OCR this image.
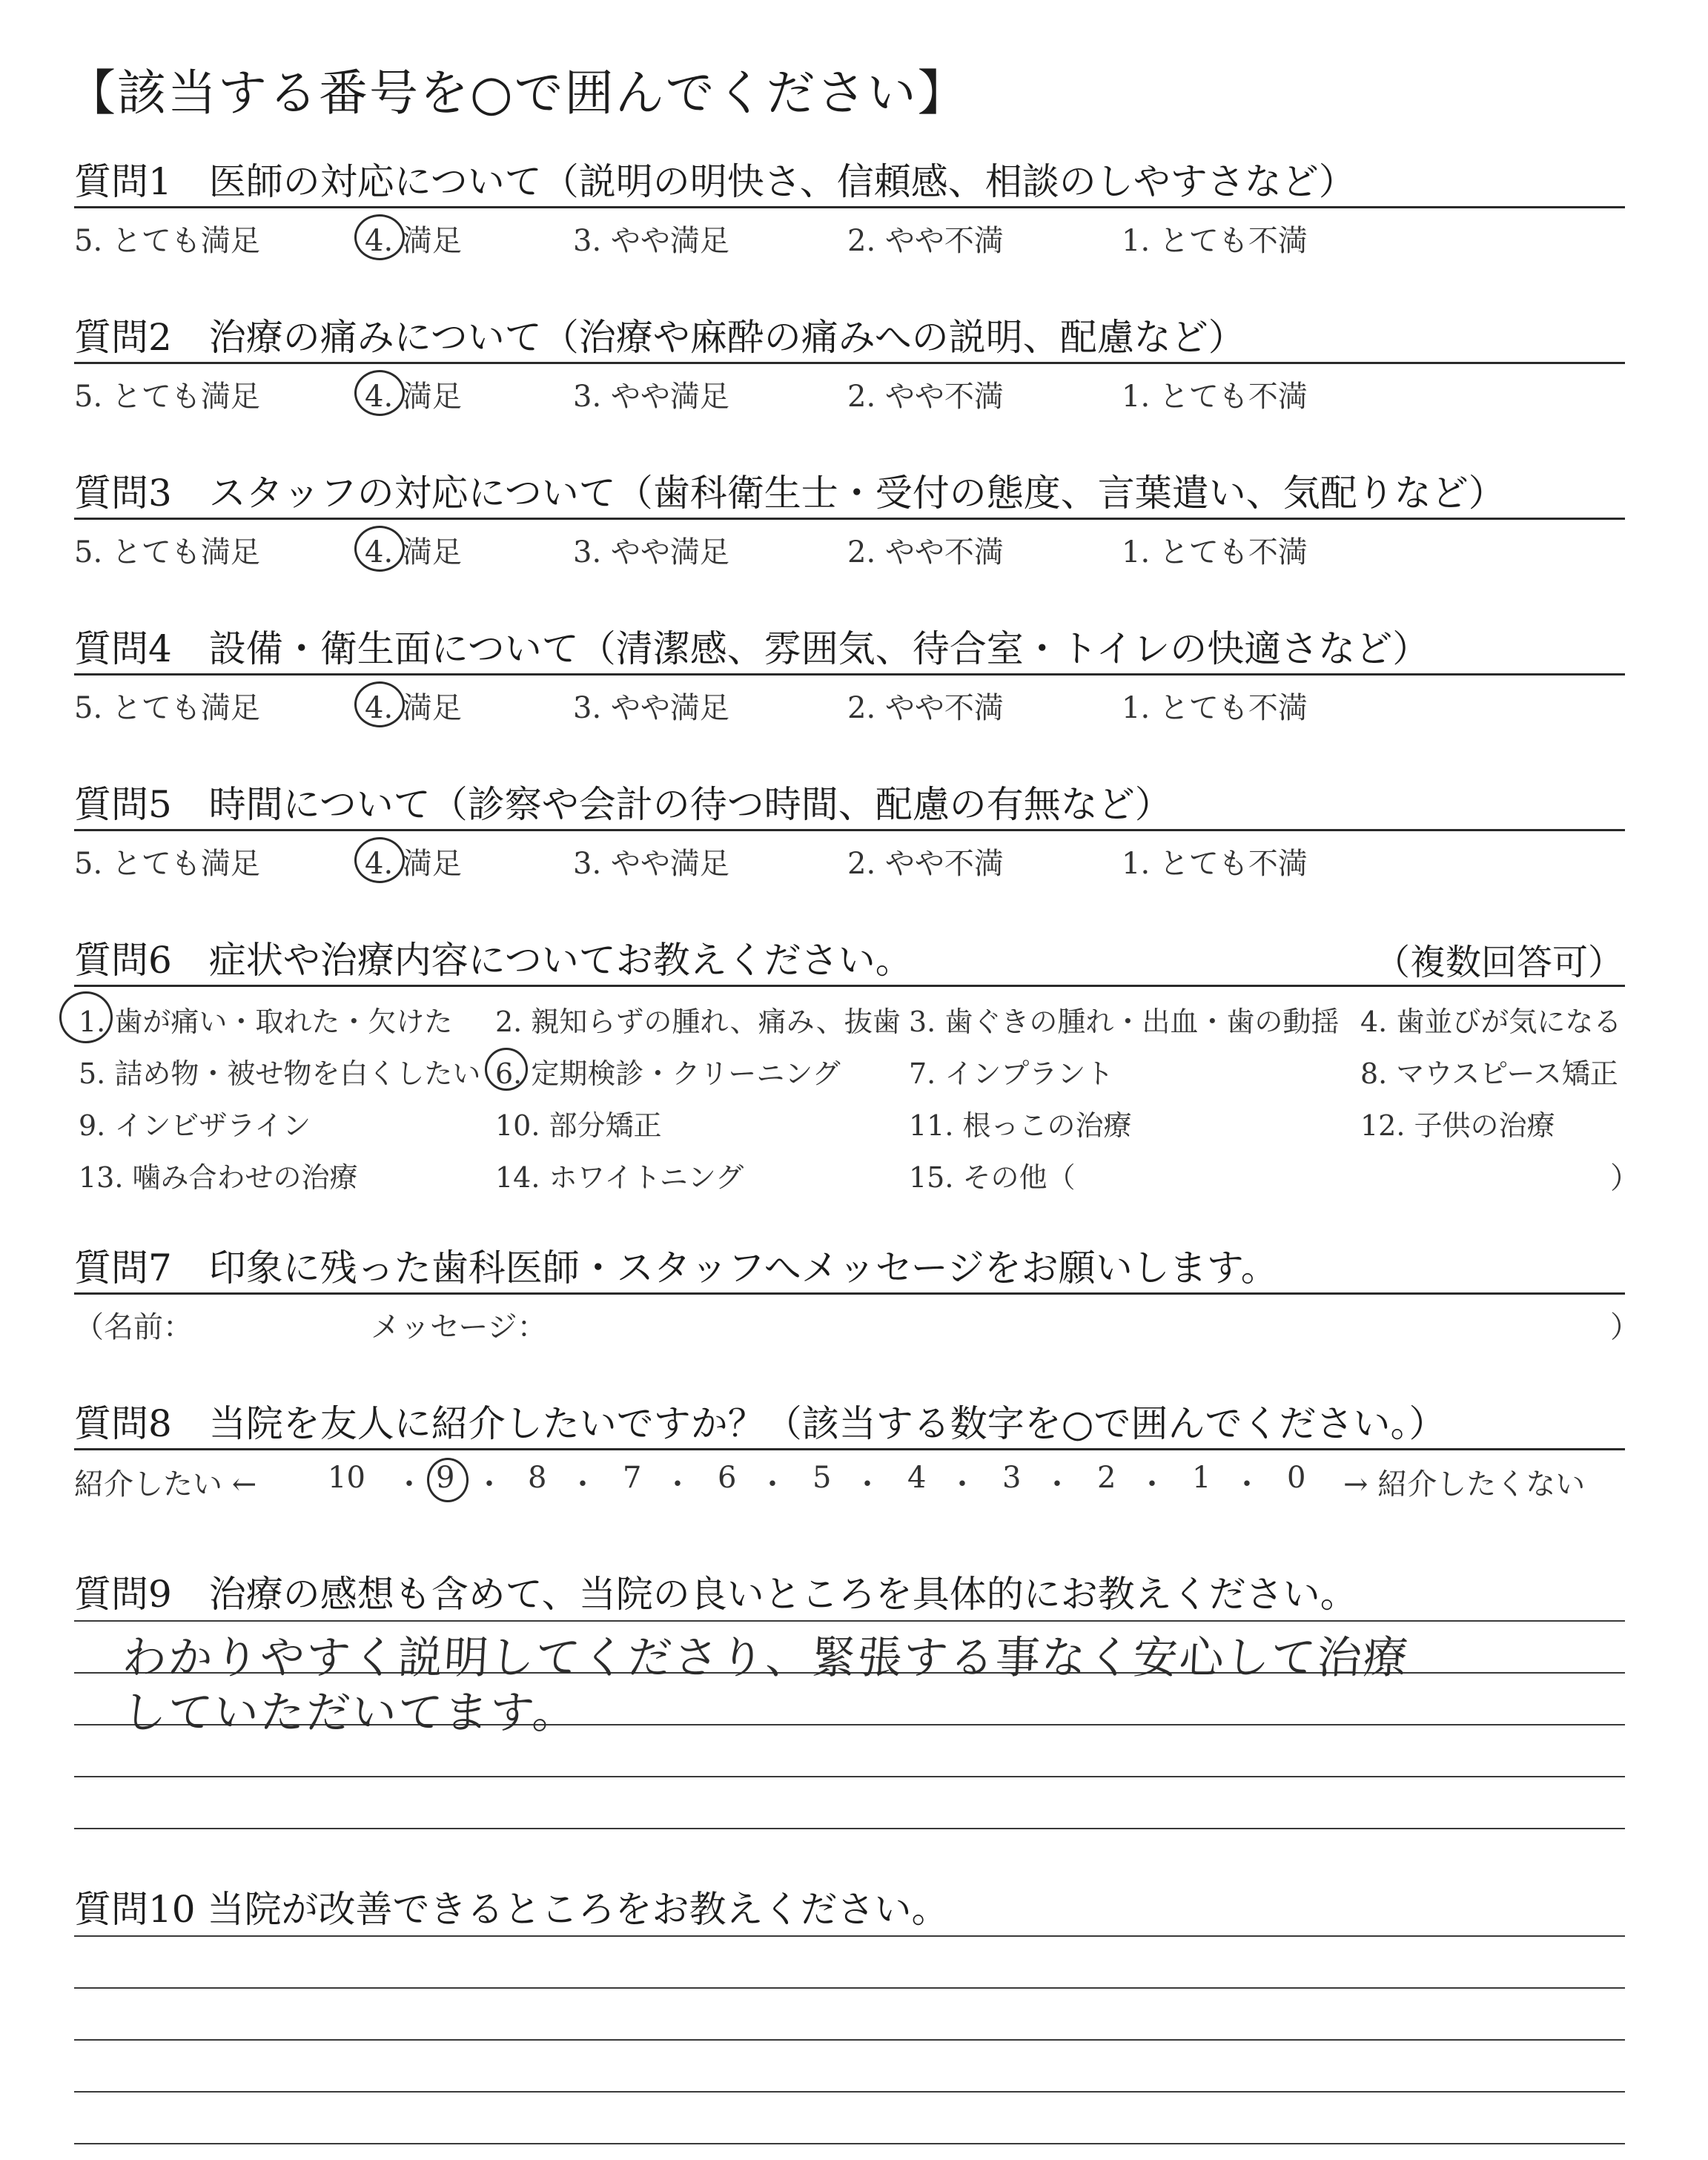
【該当する番号を○で囲んでください】
質問1　医師の対応について（説明の明快さ、信頼感、相談のしやすさなど）
5. とても満足	4. 満足	3. やや満足	2. やや不満	1. とても不満
質問2　治療の痛みについて（治療や麻酔の痛みへの説明、配慮など）
5. とても満足	4. 満足	3. やや満足	2. やや不満	1. とても不満
質問3　スタッフの対応について（歯科衛生士・受付の態度、言葉遣い、気配りなど）
5. とても満足	4. 満足	3. やや満足	2. やや不満	1. とても不満
質問4　設備・衛生面について（清潔感、雰囲気、待合室・トイレの快適さなど）
5. とても満足	4. 満足	3. やや満足	2. やや不満	1. とても不満
質問5　時間について（診察や会計の待つ時間、配慮の有無など）
5. とても満足	4. 満足	3. やや満足	2. やや不満	1. とても不満
質問6　症状や治療内容についてお教えください。	（複数回答可）
1. 歯が痛い・取れた・欠けた 2. 親知らずの腫れ、痛み、抜歯 3. 歯ぐきの腫れ・出血・歯の動揺 4. 歯並びが気になる
5. 詰め物・被せ物を白くしたい 6. 定期検診・クリーニング 7. インプラント	8. マウスピース矯正
9. インビザライン	10. 部分矯正	11. 根っこの治療	12. 子供の治療
13. 噛み合わせの治療	14. ホワイトニング	15. その他（	）
質問7　印象に残った歯科医師・スタッフへメッセージをお願いします。
（名前：	メッセージ：	）
質問8　当院を友人に紹介したいですか？（該当する数字を○で囲んでください。）
紹介したい ← 10 ・ 9 ・ 8 ・ 7 ・ 6 ・ 5 ・ 4 ・ 3 ・ 2 ・ 1 ・ 0 → 紹介したくない
質問9　治療の感想も含めて、当院の良いところを具体的にお教えください。
わかりやすく説明してくださり、緊張する事なく安心して治療
していただいてます。
質問10 当院が改善できるところをお教えください。
